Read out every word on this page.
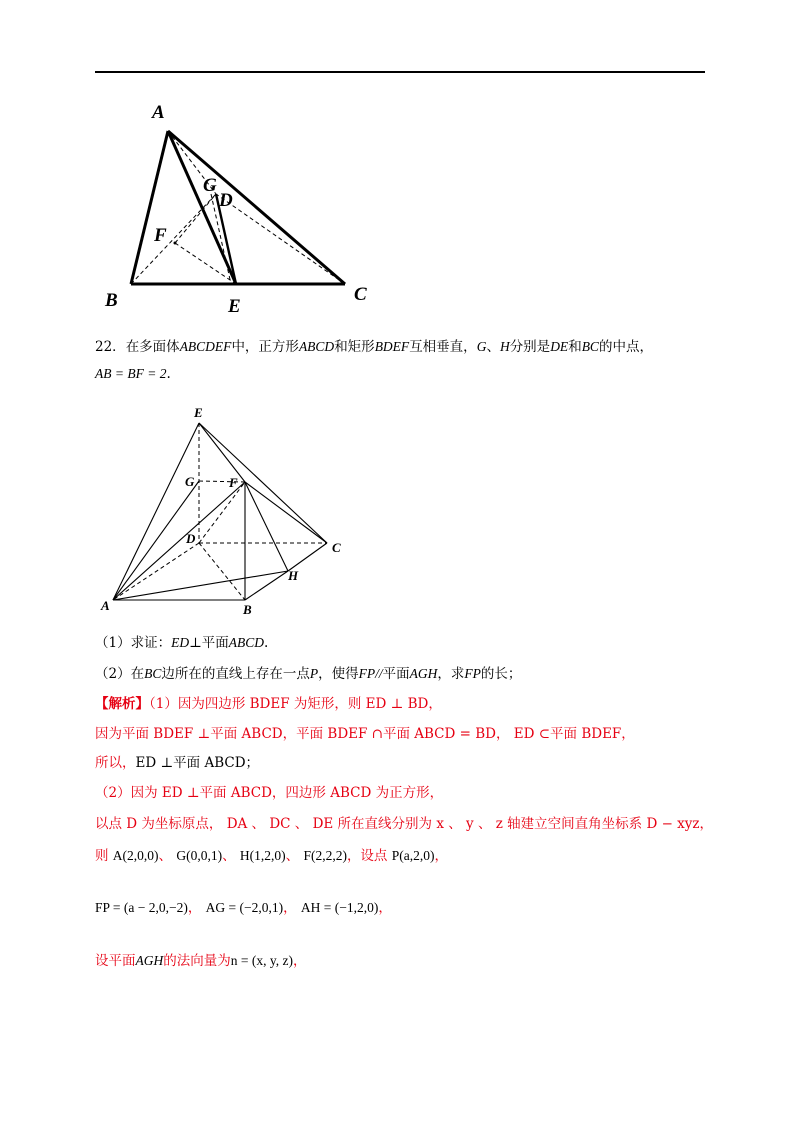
A
B	C
D
E
F
G
22．在多面体ABCDEF中，正方形ABCD和矩形BDEF互相垂直，G、H分别是DE和BC的中点，
AB = BF = 2.
E
G	F
D
C
H
A	B
（1）求证：ED⊥平面ABCD.
（2）在BC边所在的直线上存在一点P，使得FP//平面AGH，求FP的长；
【解析】（1）因为四边形 BDEF 为矩形，则 ED ⊥ BD，
因为平面 BDEF ⊥平面 ABCD，平面 BDEF ∩平面 ABCD = BD， ED ⊂平面 BDEF，
所以，ED ⊥平面 ABCD；
（2）因为 ED ⊥平面 ABCD，四边形 ABCD 为正方形，
以点 D 为坐标原点， DA 、 DC 、 DE 所在直线分别为 x 、 y 、 z 轴建立空间直角坐标系 D − xyz，
则 A(2,0,0)、 G(0,0,1)、 H(1,2,0)、 F(2,2,2)，设点 P(a,2,0)，
FP = (a − 2,0,−2)， AG = (−2,0,1)， AH = (−1,2,0)，
设平面AGH的法向量为n = (x, y, z)，
